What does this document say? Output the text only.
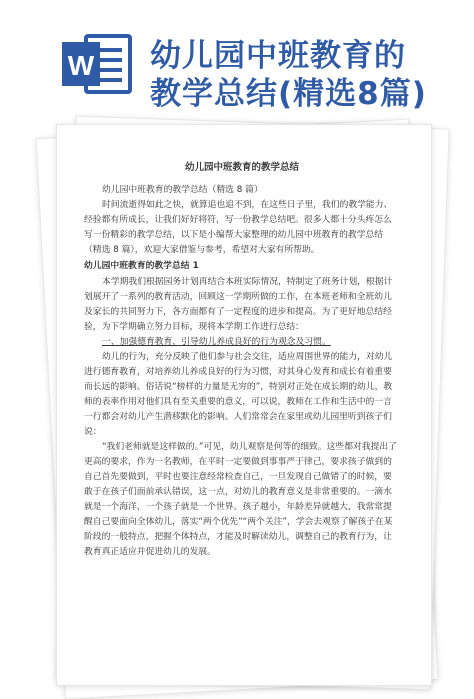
W 幼儿园中班教育的
教学总结(精选8篇)
幼儿园中班教育的教学总结

幼儿园中班教育的教学总结（精选 8 篇）

时间流逝得如此之快，就算追也追不到，在这些日子里，我们的教学能力、经验都有所成长，让我们好好将符，写一份教学总结吧。很多人都十分头疼怎么写一份精彩的教学总结，以下是小编帮大家整理的幼儿园中班教育的教学总结（精选 8 篇），欢迎大家借鉴与参考，希望对大家有所帮助。

幼儿园中班教育的教学总结 1

本学期我们根据园务计划再结合本班实际情况，特制定了班务计划，根据计划展开了一系列的教育活动，回顾这一学期所做的工作，在本班老师和全班幼儿及家长的共同努力下，各方面都有了一定程度的进步和提高。为了更好地总结经验，为下学期确立努力目标，现将本学期工作进行总结：

一、加强德育教育，引导幼儿养成良好的行为观念及习惯。

幼儿的行为，充分反映了他们参与社会交往，适应周围世界的能力，对幼儿进行德育教育，对培养幼儿养成良好的行为习惯，对其身心发育和成长有着重要而长远的影响。俗话说“榜样的力量是无穷的”，特别对正处在成长期的幼儿，教师的表率作用对他们具有至关重要的意义，可以说，教师在工作和生活中的一言一行都会对幼儿产生潜移默化的影响。人们常常会在家里或幼儿园里听到孩子们说：

“我们老师就是这样做的。”可见，幼儿观察是何等的细致。这些都对我提出了更高的要求，作为一名教师，在平时一定要做到事事严于律己，要求孩子做到的自己首先要做到，平时也要注意经常检查自己，一旦发现自己做错了的时候，要敢于在孩子们面前承认错误，这一点，对幼儿的教育意义是非常重要的。一滴水就是一个海洋，一个孩子就是一个世界。孩子越小，年龄差异就越大，我常常提醒自己要面向全体幼儿，落实“两个优先”“两个关注”，学会去观察了解孩子在某阶段的一般特点，把握个体特点，才能及时解读幼儿，调整自己的教育行为，让教育真正适应并促进幼儿的发展。
